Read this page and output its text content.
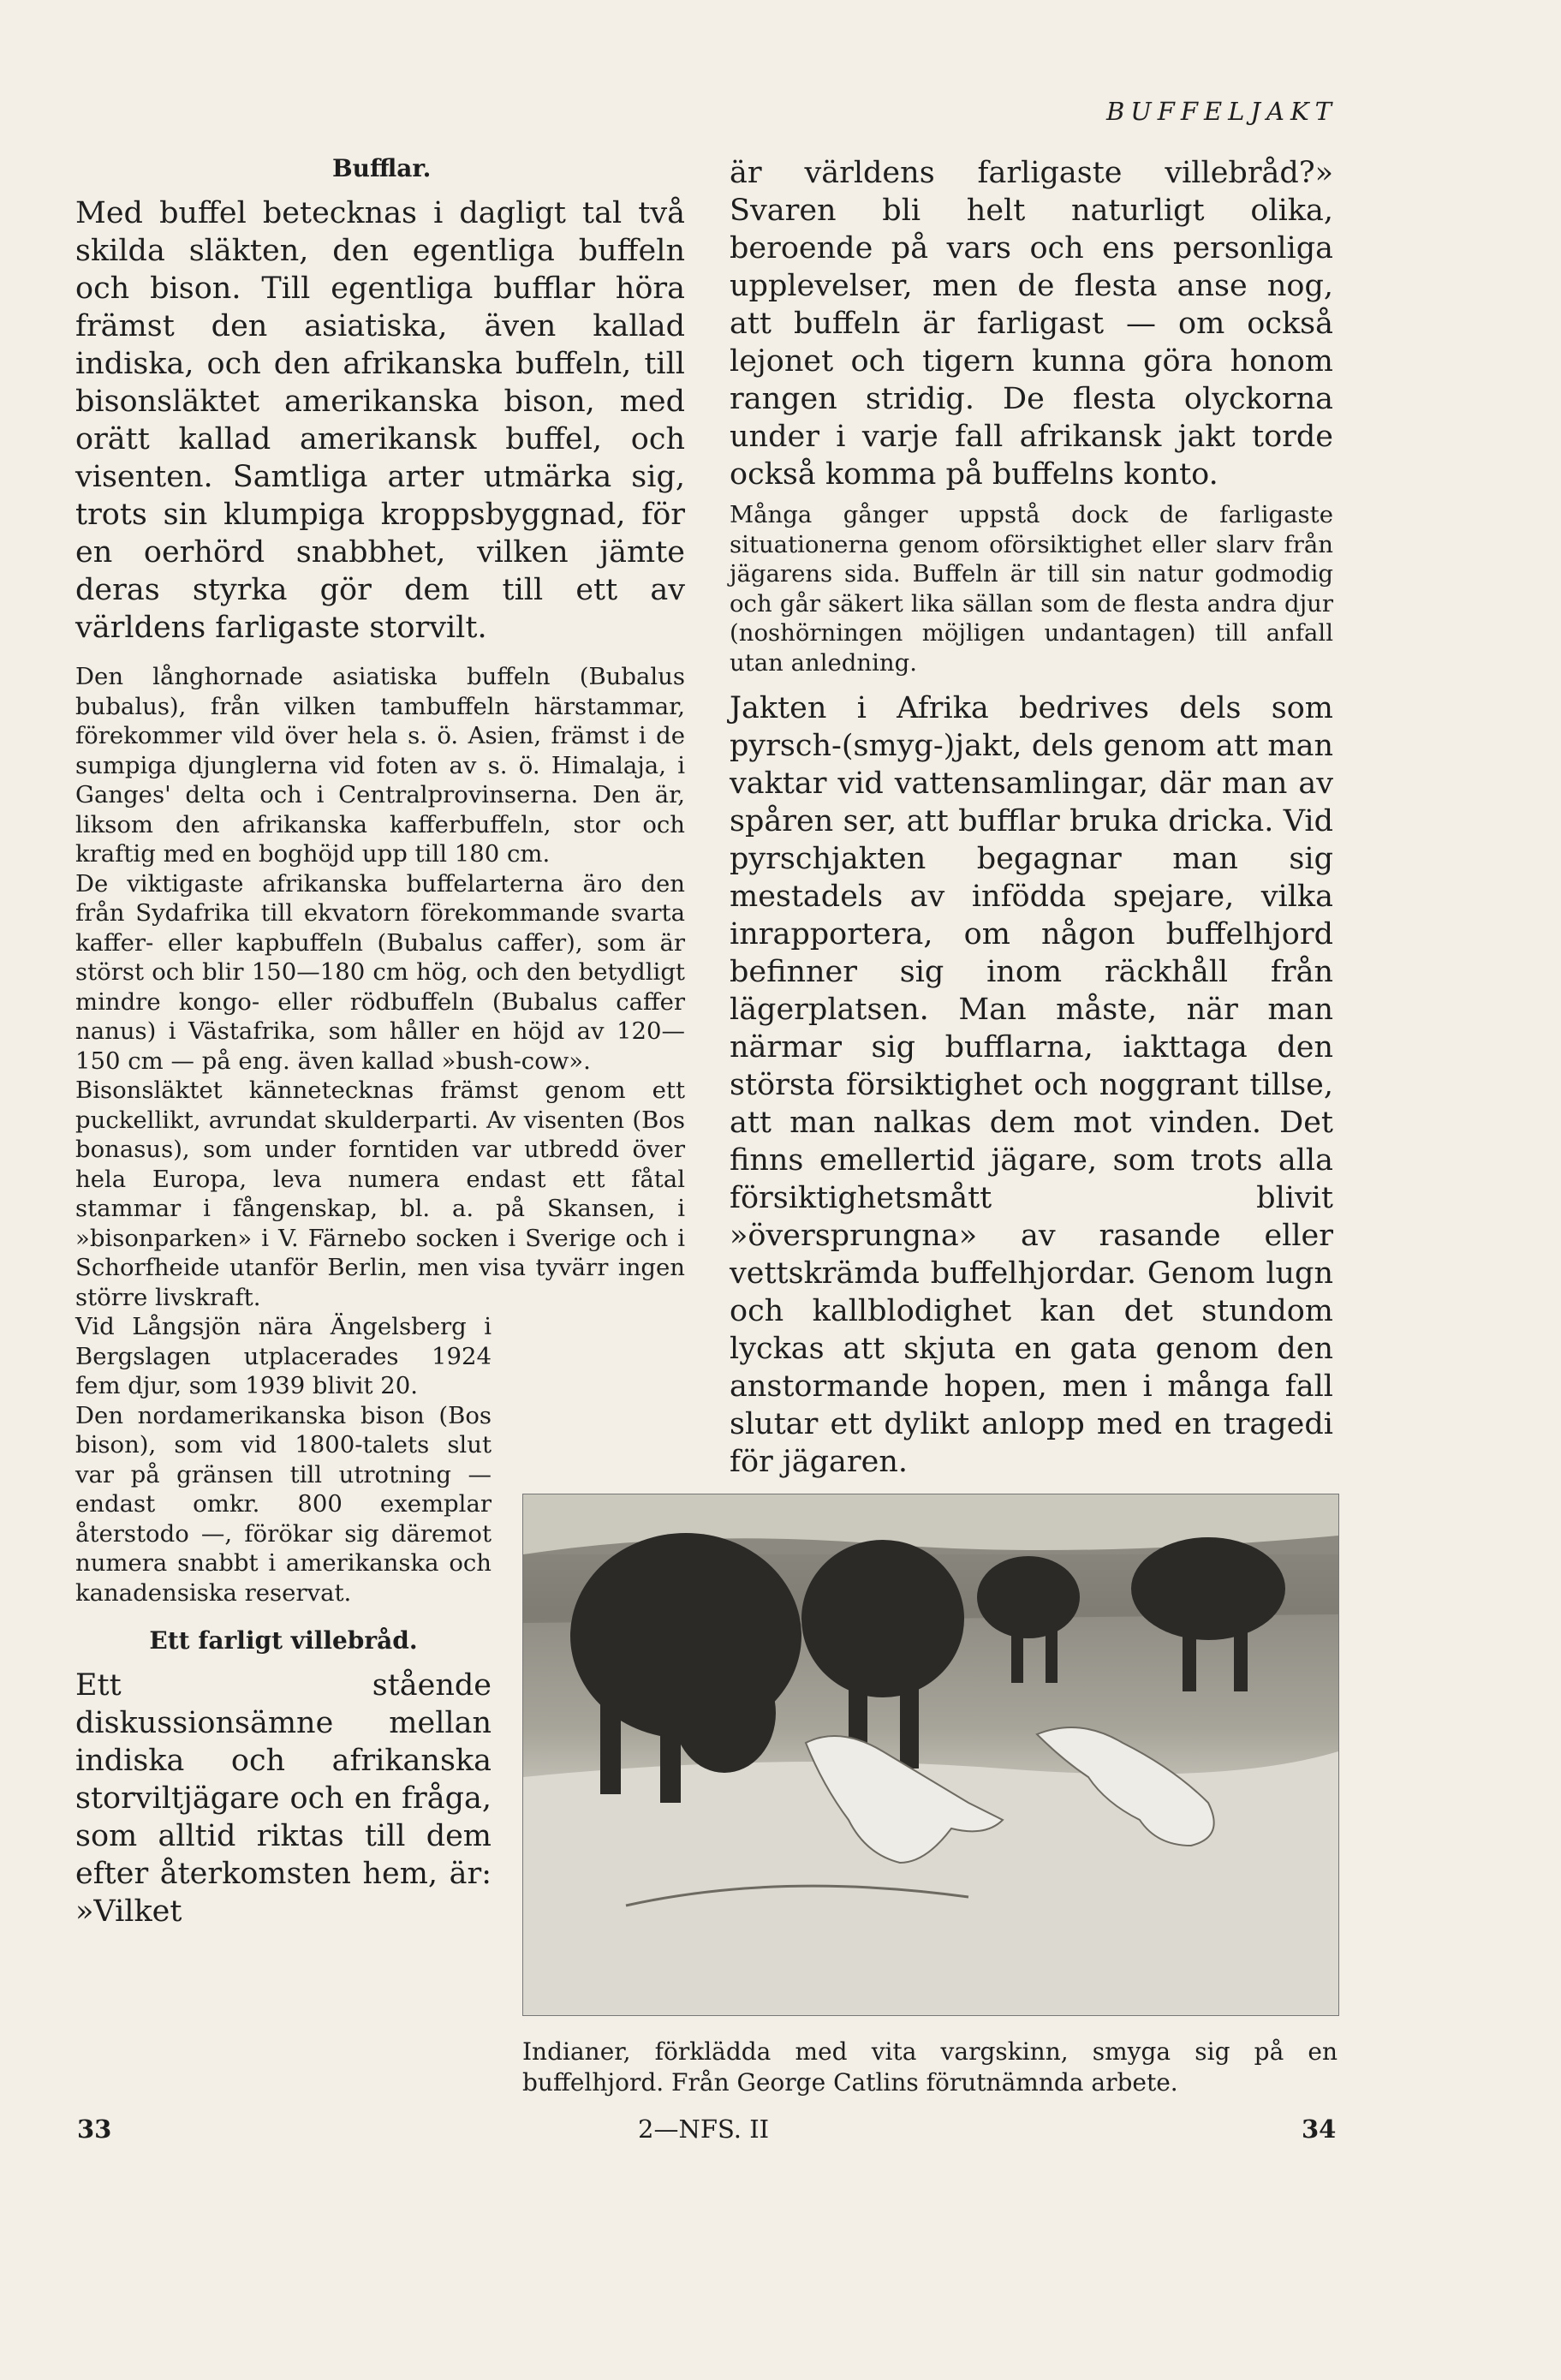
BUFFELJAKT
Bufflar.

Med buffel betecknas i dagligt tal två skilda släkten, den egentliga buffeln och bison. Till egentliga bufflar höra främst den asiatiska, även kallad indiska, och den afrikanska buffeln, till bisonsläktet amerikanska bison, med orätt kallad amerikansk buffel, och visenten. Samtliga arter utmärka sig, trots sin klumpiga kroppsbyggnad, för en oerhörd snabbhet, vilken jämte deras styrka gör dem till ett av världens farligaste storvilt.

Den långhornade asiatiska buffeln (Bubalus bubalus), från vilken tambuffeln härstammar, förekommer vild över hela s. ö. Asien, främst i de sumpiga djunglerna vid foten av s. ö. Himalaja, i Ganges' delta och i Centralprovinserna. Den är, liksom den afrikanska kafferbuffeln, stor och kraftig med en boghöjd upp till 180 cm.

De viktigaste afrikanska buffelarterna äro den från Sydafrika till ekvatorn förekommande svarta kaffer- eller kapbuffeln (Bubalus caffer), som är störst och blir 150—180 cm hög, och den betydligt mindre kongo- eller rödbuffeln (Bubalus caffer nanus) i Västafrika, som håller en höjd av 120—150 cm — på eng. även kallad »bush-cow».

Bisonsläktet kännetecknas främst genom ett puckellikt, avrundat skulderparti. Av visenten (Bos bonasus), som under forntiden var utbredd över hela Europa, leva numera endast ett fåtal stammar i fångenskap, bl. a. på Skansen, i »bisonparken» i V. Färnebo socken i Sverige och i Schorfheide utanför Berlin, men visa tyvärr ingen större livskraft.

Vid Långsjön nära Ängelsberg i Bergslagen utplacerades 1924 fem djur, som 1939 blivit 20.

Den nordamerikanska bison (Bos bison), som vid 1800-talets slut var på gränsen till utrotning — endast omkr. 800 exemplar återstodo —, förökar sig däremot numera snabbt i amerikanska och kanadensiska reservat.

Ett farligt villebråd.

Ett stående diskussionsämne mellan indiska och afrikanska storviltjägare och en fråga, som alltid riktas till dem efter återkomsten hem, är: »Vilket

är världens farligaste villebråd?» Svaren bli helt naturligt olika, beroende på vars och ens personliga upplevelser, men de flesta anse nog, att buffeln är farligast — om också lejonet och tigern kunna göra honom rangen stridig. De flesta olyckorna under i varje fall afrikansk jakt torde också komma på buffelns konto.

Många gånger uppstå dock de farligaste situationerna genom oförsiktighet eller slarv från jägarens sida. Buffeln är till sin natur godmodig och går säkert lika sällan som de flesta andra djur (noshörningen möjligen undantagen) till anfall utan anledning.

Jakten i Afrika bedrives dels som pyrsch-(smyg-)jakt, dels genom att man vaktar vid vattensamlingar, där man av spåren ser, att bufflar bruka dricka. Vid pyrschjakten begagnar man sig mestadels av infödda spejare, vilka inrapportera, om någon buffelhjord befinner sig inom räckhåll från lägerplatsen. Man måste, när man närmar sig bufflarna, iakttaga den största försiktighet och noggrant tillse, att man nalkas dem mot vinden. Det finns emellertid jägare, som trots alla försiktighetsmått blivit »översprungna» av rasande eller vettskrämda buffelhjordar. Genom lugn och kallblodighet kan det stundom lyckas att skjuta en gata genom den anstormande hopen, men i många fall slutar ett dylikt anlopp med en tragedi för jägaren.

Indianer, förklädda med vita vargskinn, smyga sig på en buffelhjord. Från George Catlins förutnämnda arbete.
33	2—NFS. II	34
